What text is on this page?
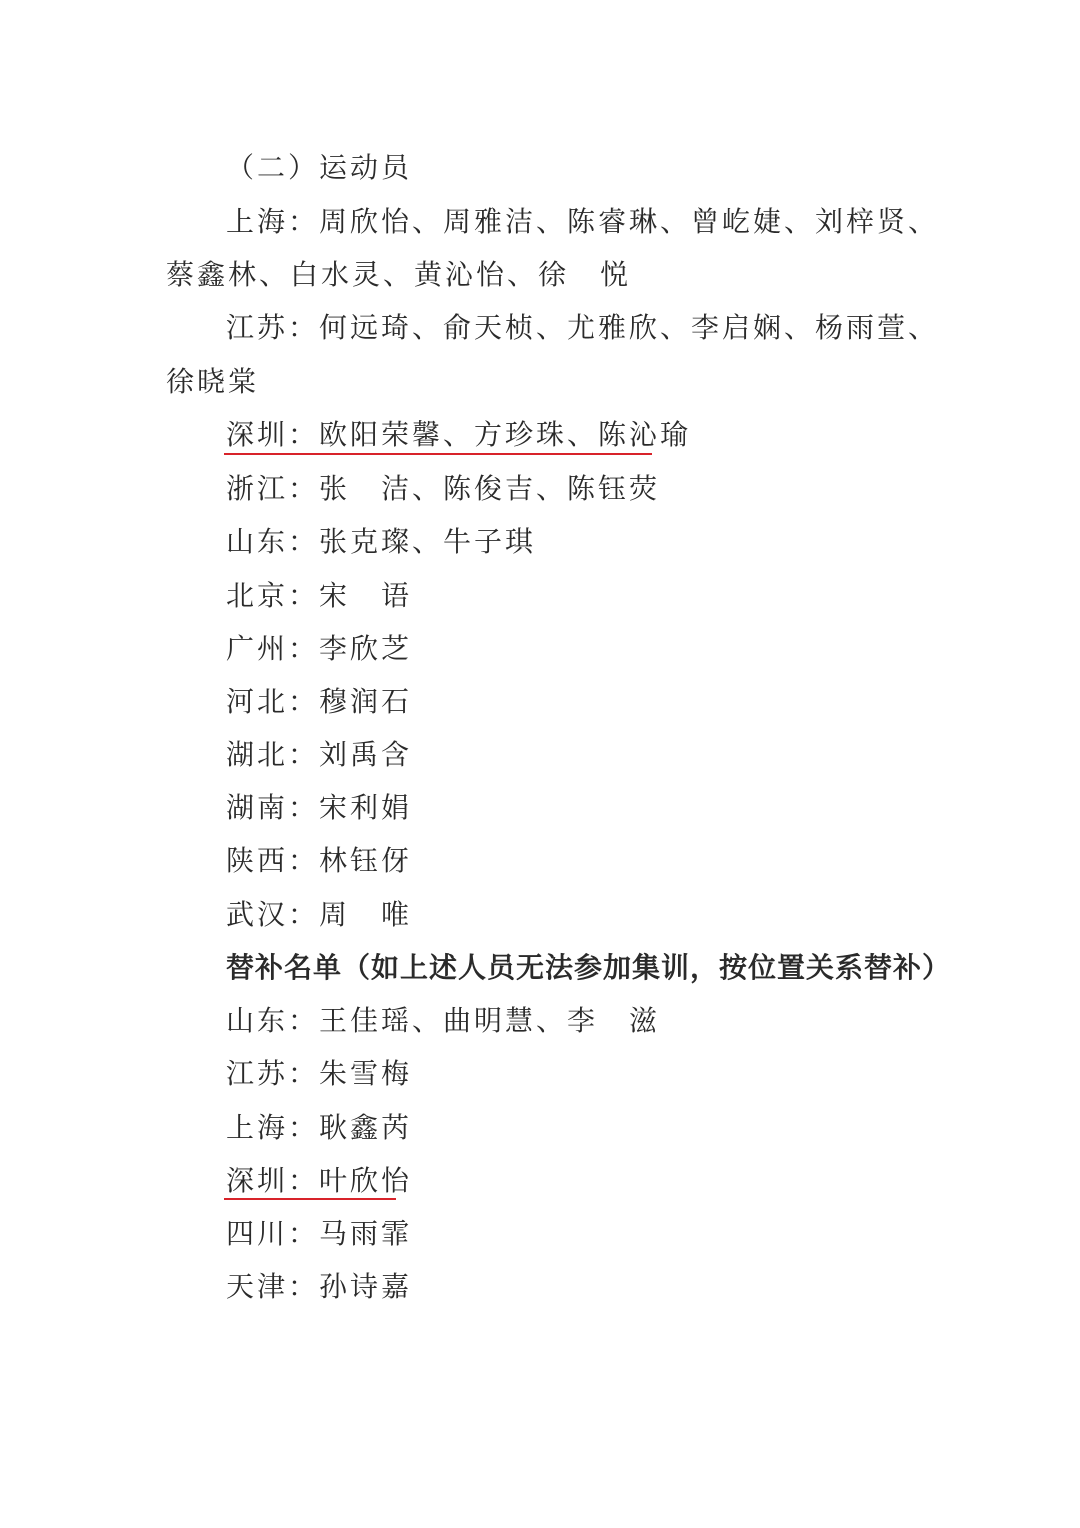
（二）运动员
上海：周欣怡、周雅洁、陈睿琳、曾屹婕、刘梓贤、
蔡鑫林、白水灵、黄沁怡、徐　悦
江苏：何远琦、俞天桢、尤雅欣、李启娴、杨雨萱、
徐晓棠
深圳：欧阳荣馨、方珍珠、陈沁瑜
浙江：张　洁、陈俊吉、陈钰荧
山东：张克璨、牛子琪
北京：宋　语
广州：李欣芝
河北：穆润石
湖北：刘禹含
湖南：宋利娟
陕西：林钰伢
武汉：周　唯
替补名单（如上述人员无法参加集训，按位置关系替补）
山东：王佳瑶、曲明慧、李　滋
江苏：朱雪梅
上海：耿鑫芮
深圳：叶欣怡
四川：马雨霏
天津：孙诗嘉
